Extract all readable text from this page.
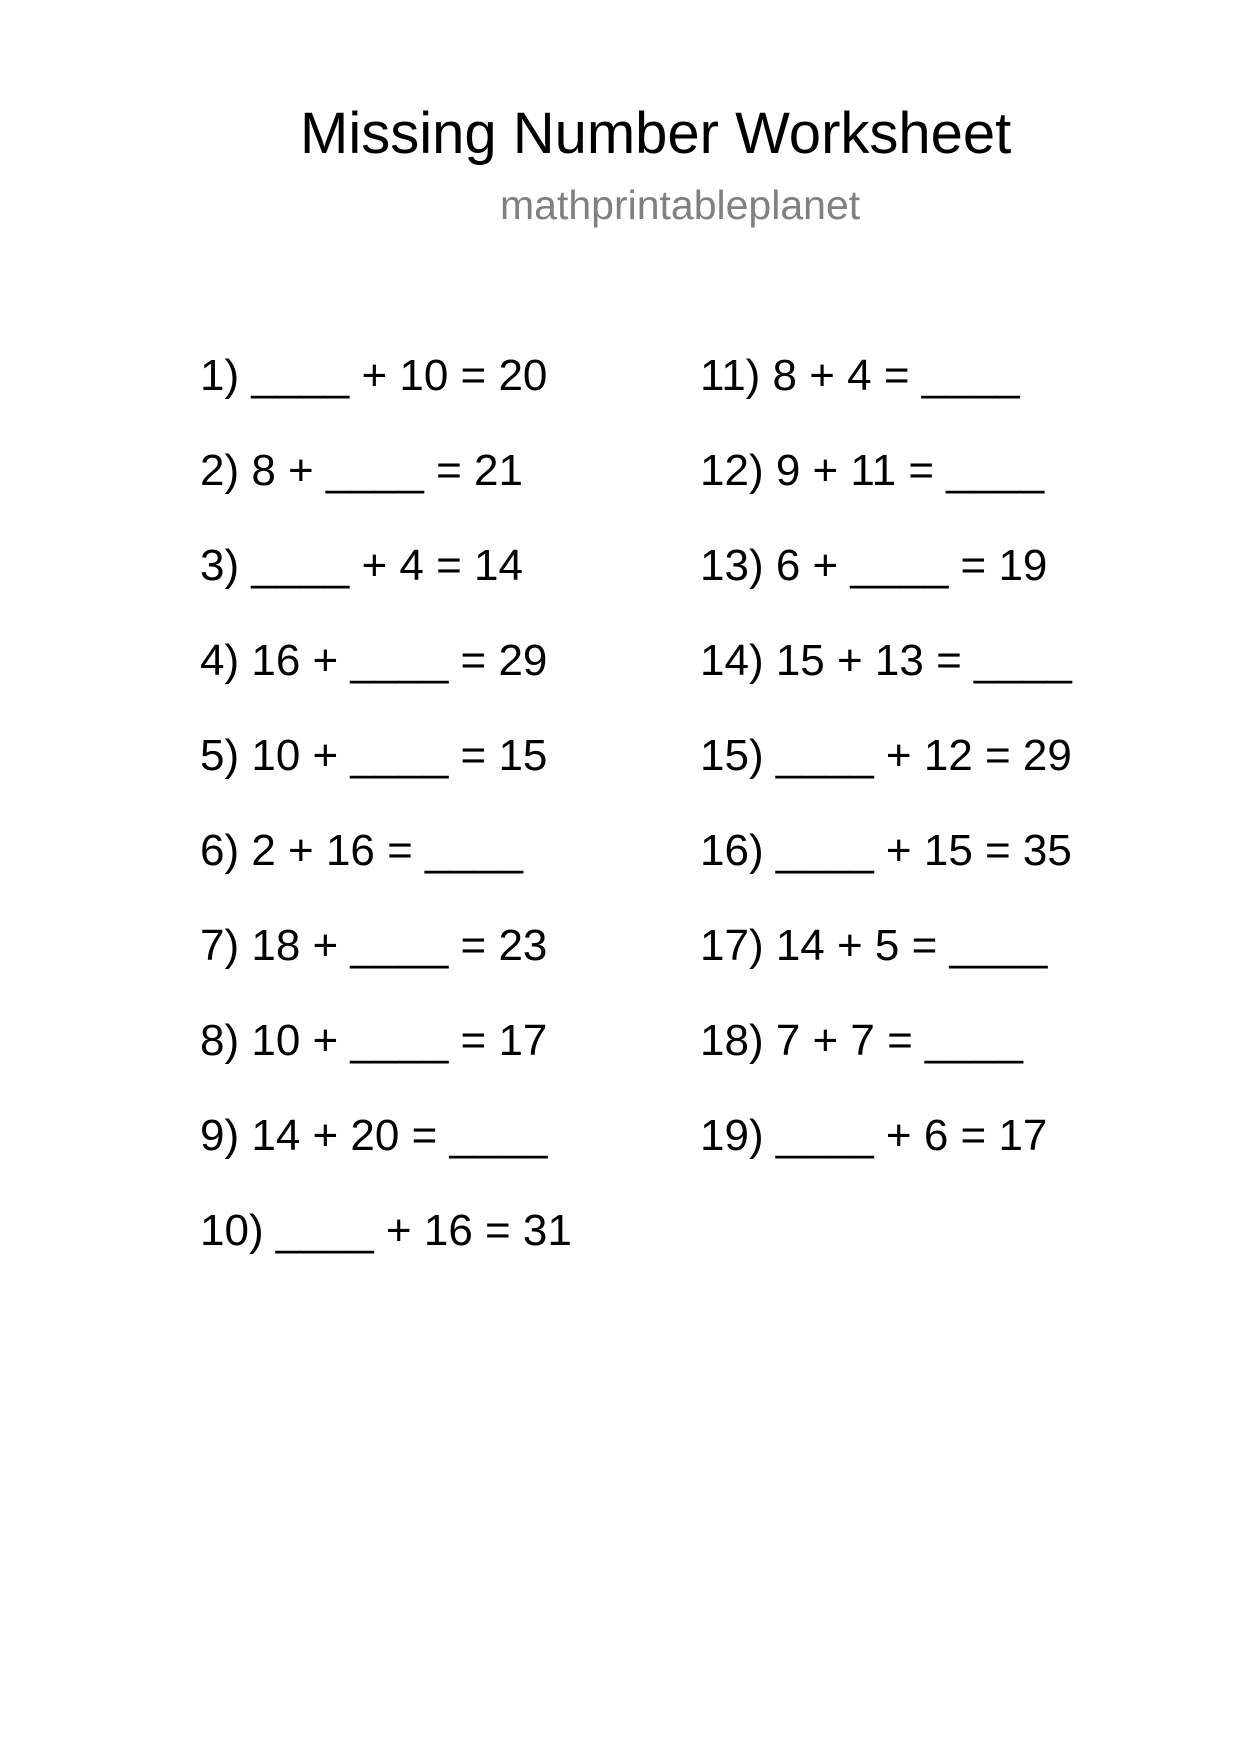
Missing Number Worksheet
mathprintableplanet
1) ____ + 10 = 20
2) 8 + ____ = 21
3) ____ + 4 = 14
4) 16 + ____ = 29
5) 10 + ____ = 15
6) 2 + 16 = ____
7) 18 + ____ = 23
8) 10 + ____ = 17
9) 14 + 20 = ____
10) ____ + 16 = 31
11) 8 + 4 = ____
12) 9 + 11 = ____
13) 6 + ____ = 19
14) 15 + 13 = ____
15) ____ + 12 = 29
16) ____ + 15 = 35
17) 14 + 5 = ____
18) 7 + 7 = ____
19) ____ + 6 = 17
